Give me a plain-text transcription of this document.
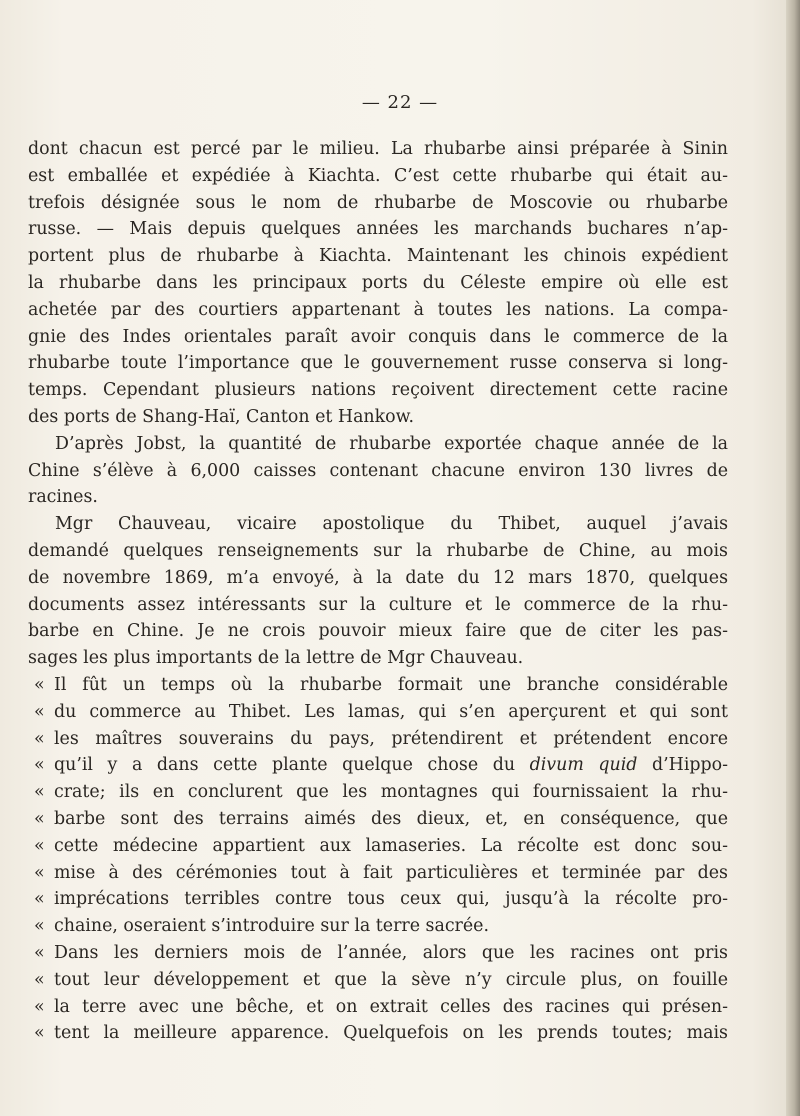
— 22 —
dont chacun est percé par le milieu. La rhubarbe ainsi préparée à Sinin
est emballée et expédiée à Kiachta. C’est cette rhubarbe qui était au-
trefois désignée sous le nom de rhubarbe de Moscovie ou rhubarbe
russe. — Mais depuis quelques années les marchands buchares n’ap-
portent plus de rhubarbe à Kiachta. Maintenant les chinois expédient
la rhubarbe dans les principaux ports du Céleste empire où elle est
achetée par des courtiers appartenant à toutes les nations. La compa-
gnie des Indes orientales paraît avoir conquis dans le commerce de la
rhubarbe toute l’importance que le gouvernement russe conserva si long-
temps. Cependant plusieurs nations reçoivent directement cette racine
des ports de Shang-Haï, Canton et Hankow.
D’après Jobst, la quantité de rhubarbe exportée chaque année de la
Chine s’élève à 6,000 caisses contenant chacune environ 130 livres de
racines.
Mgr Chauveau, vicaire apostolique du Thibet, auquel j’avais
demandé quelques renseignements sur la rhubarbe de Chine, au mois
de novembre 1869, m’a envoyé, à la date du 12 mars 1870, quelques
documents assez intéressants sur la culture et le commerce de la rhu-
barbe en Chine. Je ne crois pouvoir mieux faire que de citer les pas-
sages les plus importants de la lettre de Mgr Chauveau.
« Il fût un temps où la rhubarbe formait une branche considérable
« du commerce au Thibet. Les lamas, qui s’en aperçurent et qui sont
« les maîtres souverains du pays, prétendirent et prétendent encore
« qu’il y a dans cette plante quelque chose du divum quid d’Hippo-
« crate; ils en conclurent que les montagnes qui fournissaient la rhu-
« barbe sont des terrains aimés des dieux, et, en conséquence, que
« cette médecine appartient aux lamaseries. La récolte est donc sou-
« mise à des cérémonies tout à fait particulières et terminée par des
« imprécations terribles contre tous ceux qui, jusqu’à la récolte pro-
« chaine, oseraient s’introduire sur la terre sacrée.
« Dans les derniers mois de l’année, alors que les racines ont pris
« tout leur développement et que la sève n’y circule plus, on fouille
« la terre avec une bêche, et on extrait celles des racines qui présen-
« tent la meilleure apparence. Quelquefois on les prends toutes; mais
